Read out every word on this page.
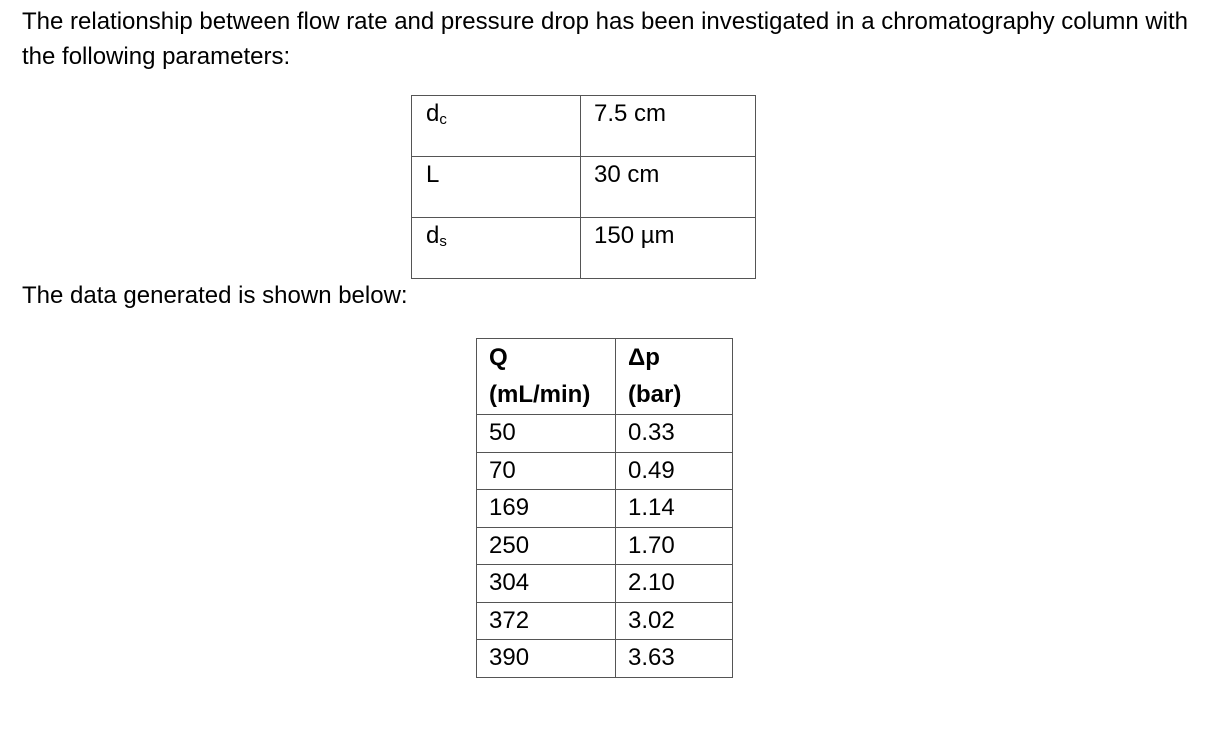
The relationship between flow rate and pressure drop has been investigated in a chromatography column with the following parameters:

$d_c$	7.5 cm
L	30 cm
$d_s$	150 µm

The data generated is shown below:

Q	Δp
(mL/min)	(bar)
50	0.33
70	0.49
169	1.14
250	1.70
304	2.10
372	3.02
390	3.63
